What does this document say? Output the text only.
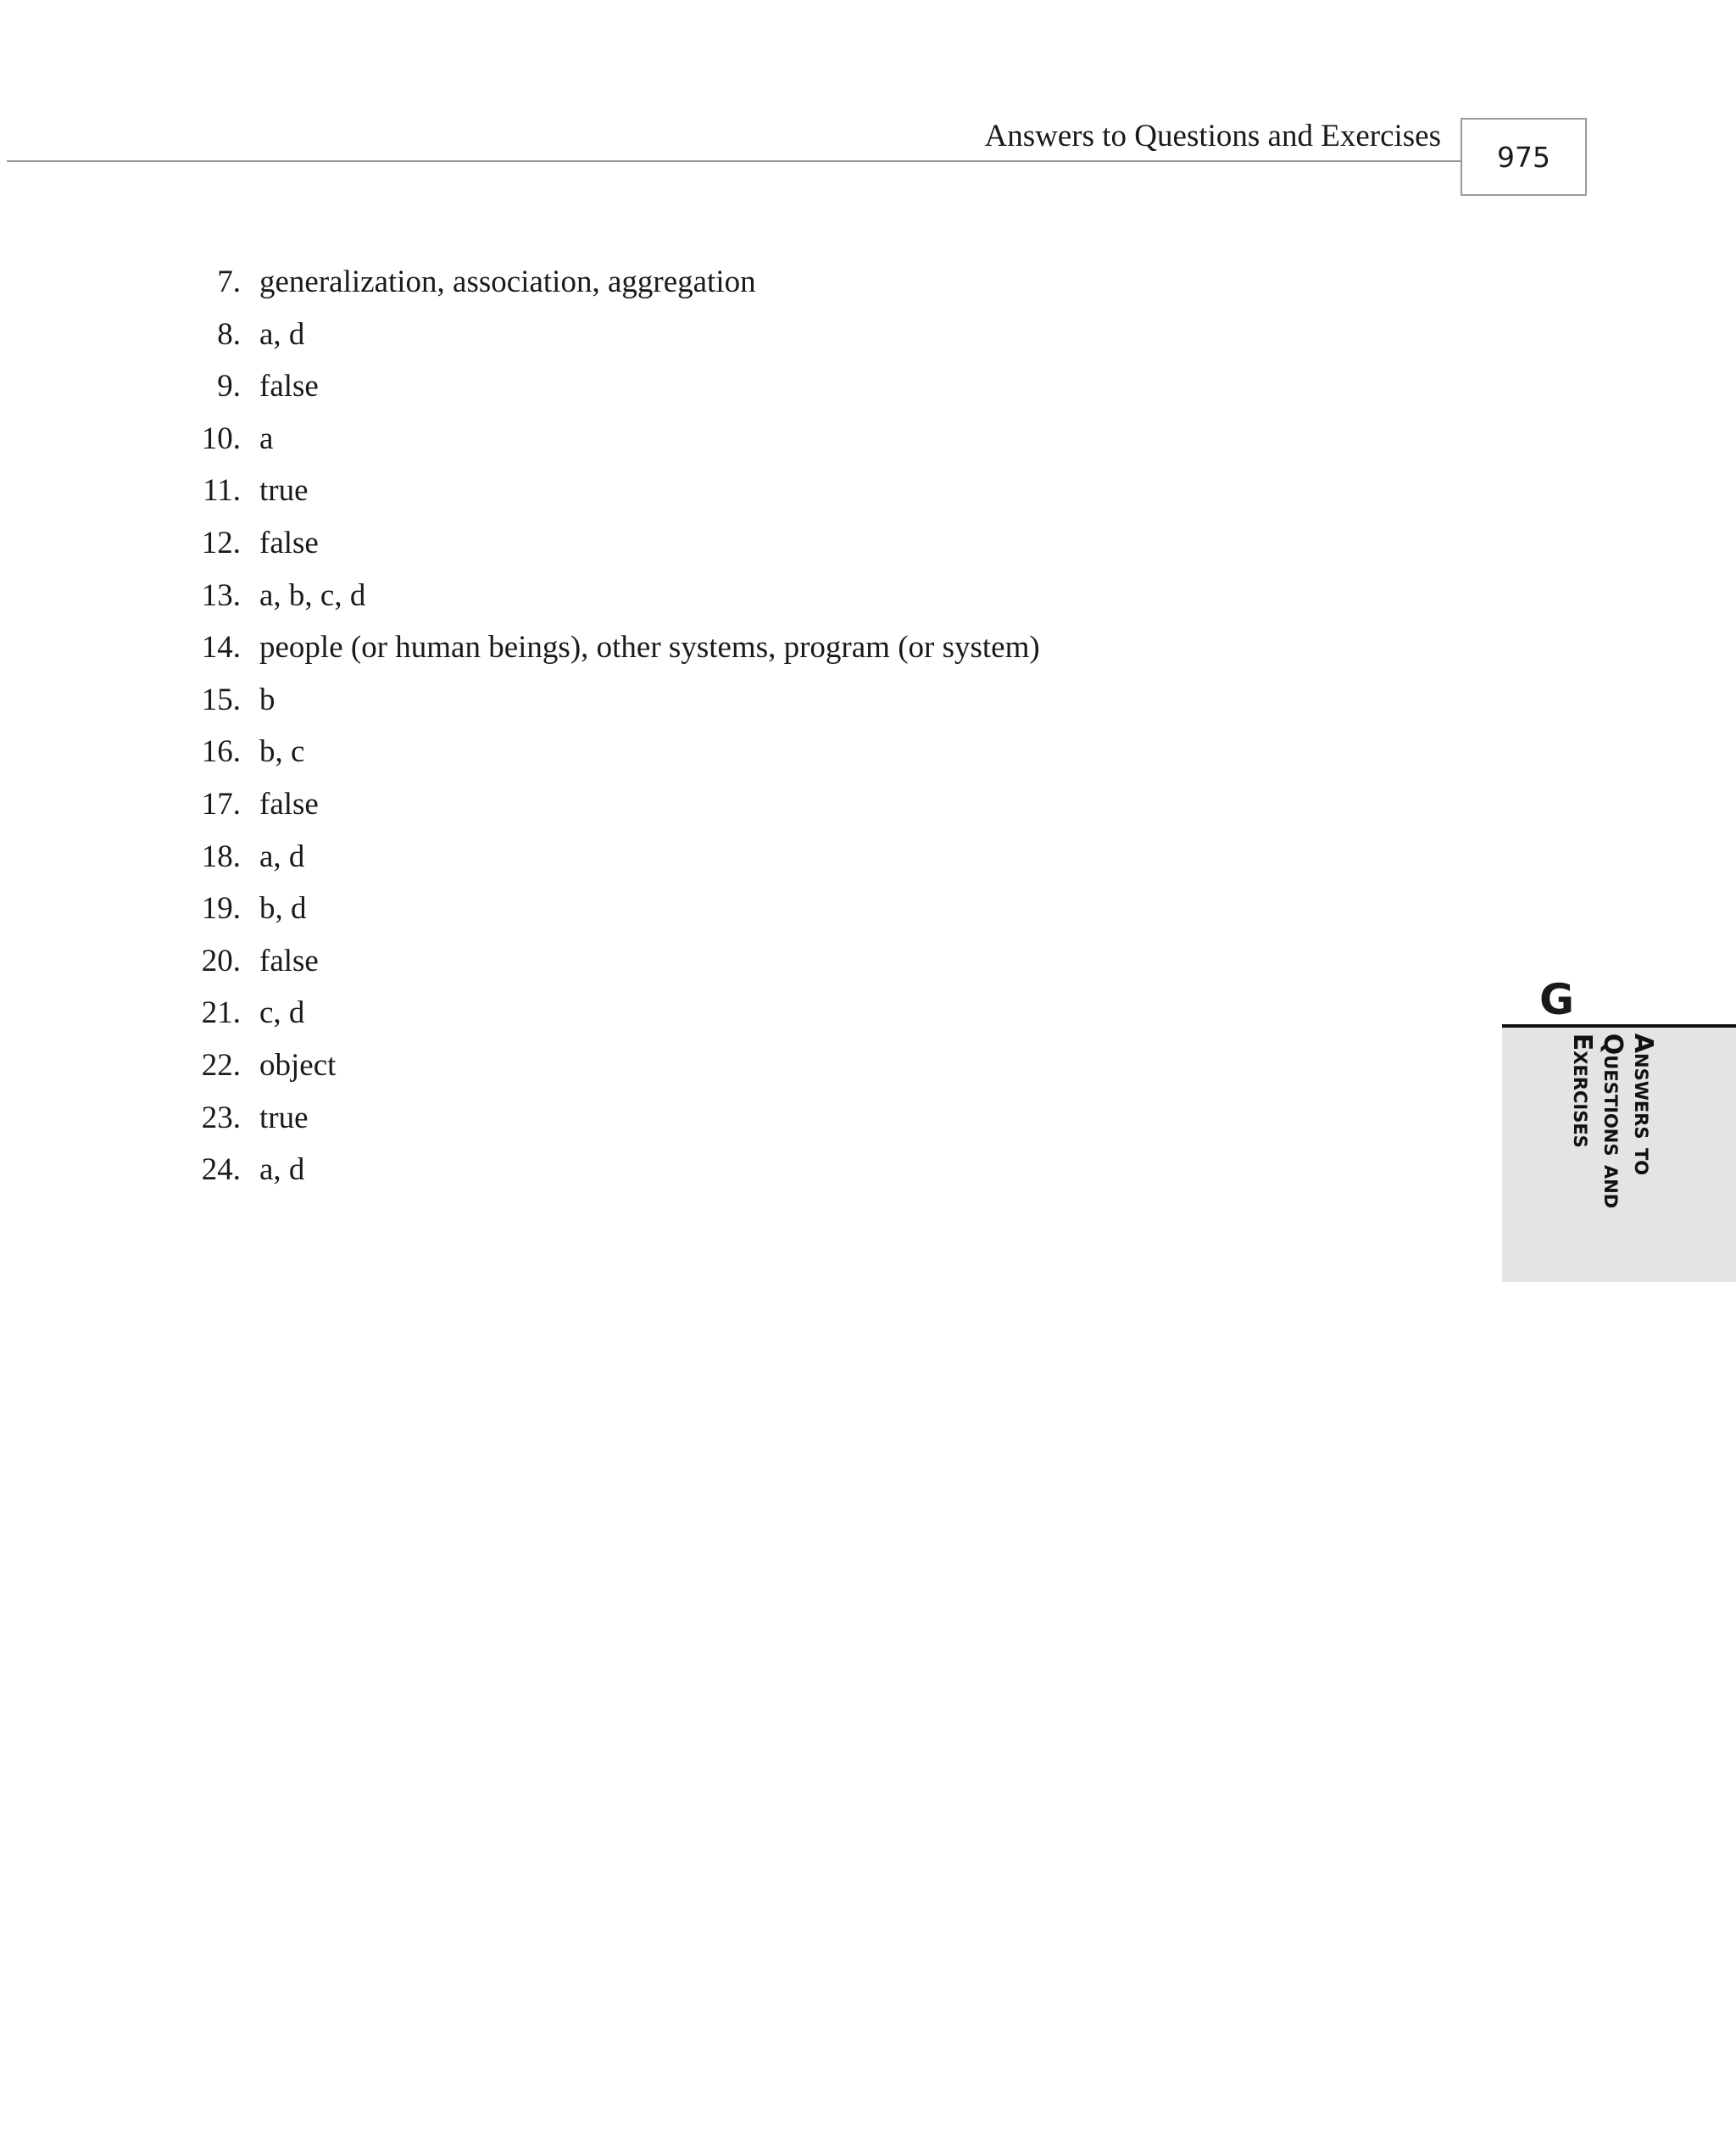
Answers to Questions and Exercises
975
7. generalization, association, aggregation
8. a, d
9. false
10. a
11. true
12. false
13. a, b, c, d
14. people (or human beings), other systems, program (or system)
15. b
16. b, c
17. false
18. a, d
19. b, d
20. false
21. c, d
22. object
23. true
24. a, d
G
Answers to
Questions and
Exercises
